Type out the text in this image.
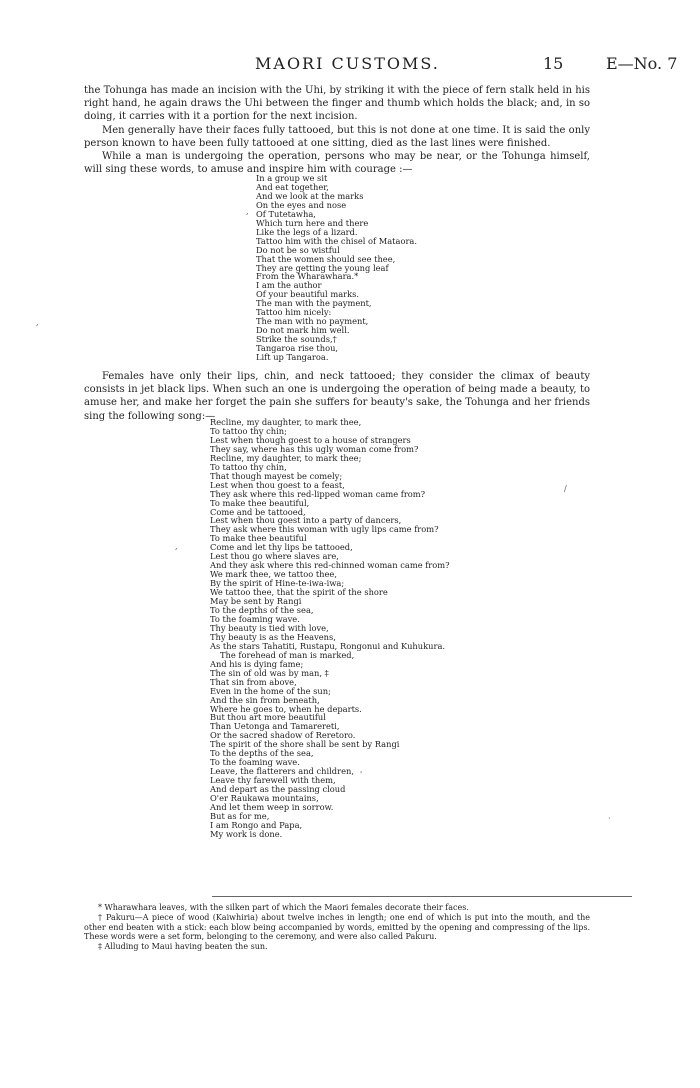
MAORI CUSTOMS.	15	E—No. 7

the Tohunga has made an incision with the Uhi, by striking it with the piece of fern stalk held in his right hand, he again draws the Uhi between the finger and thumb which holds the black; and, in so doing, it carries with it a portion for the next incision.

Men generally have their faces fully tattooed, but this is not done at one time. It is said the only person known to have been fully tattooed at one sitting, died as the last lines were finished.

While a man is undergoing the operation, persons who may be near, or the Tohunga himself, will sing these words, to amuse and inspire him with courage :—

In a group we sit
And eat together,
And we look at the marks
On the eyes and nose
Of Tutetawha,
Which turn here and there
Like the legs of a lizard.
Tattoo him with the chisel of Mataora.
Do not be so wistful
That the women should see thee,
They are getting the young leaf
From the Wharawhara.*
I am the author
Of your beautiful marks.
The man with the payment,
Tattoo him nicely:
The man with no payment,
Do not mark him well.
Strike the sounds,†
Tangaroa rise thou,
Lift up Tangaroa.

Females have only their lips, chin, and neck tattooed; they consider the climax of beauty consists in jet black lips. When such an one is undergoing the operation of being made a beauty, to amuse her, and make her forget the pain she suffers for beauty's sake, the Tohunga and her friends sing the following song:—

Recline, my daughter, to mark thee,
To tattoo thy chin;
Lest when though goest to a house of strangers
They say, where has this ugly woman come from?
Recline, my daughter, to mark thee;
To tattoo thy chin,
That though mayest be comely;
Lest when thou goest to a feast,
They ask where this red-lipped woman came from?
To make thee beautiful,
Come and be tattooed,
Lest when thou goest into a party of dancers,
They ask where this woman with ugly lips came from?
To make thee beautiful
Come and let thy lips be tattooed,
Lest thou go where slaves are,
And they ask where this red-chinned woman came from?
We mark thee, we tattoo thee,
By the spirit of Hine-te-iwa-iwa;
We tattoo thee, that the spirit of the shore
May be sent by Rangi
To the depths of the sea,
To the foaming wave.
Thy beauty is tied with love,
Thy beauty is as the Heavens,
As the stars Tahatiti, Rustapu, Rongonui and Kuhukura.
The forehead of man is marked,
And his is dying fame;
The sin of old was by man, ‡
That sin from above,
Even in the home of the sun;
And the sin from beneath,
Where he goes to, when he departs.
But thou art more beautiful
Than Uetonga and Tamarereti,
Or the sacred shadow of Reretoro.
The spirit of the shore shall be sent by Rangi
To the depths of the sea,
To the foaming wave.
Leave, the flatterers and children,
Leave thy farewell with them,
And depart as the passing cloud
O'er Raukawa mountains,
And let them weep in sorrow.
But as for me,
I am Rongo and Papa,
My work is done.
,
,
/
,
'
·

* Wharawhara leaves, with the silken part of which the Maori females decorate their faces.

† Pakuru—A piece of wood (Kaiwhiria) about twelve inches in length; one end of which is put into the mouth, and the other end beaten with a stick: each blow being accompanied by words, emitted by the opening and compressing of the lips. These words were a set form, belonging to the ceremony, and were also called Pakuru.

‡ Alluding to Maui having beaten the sun.
